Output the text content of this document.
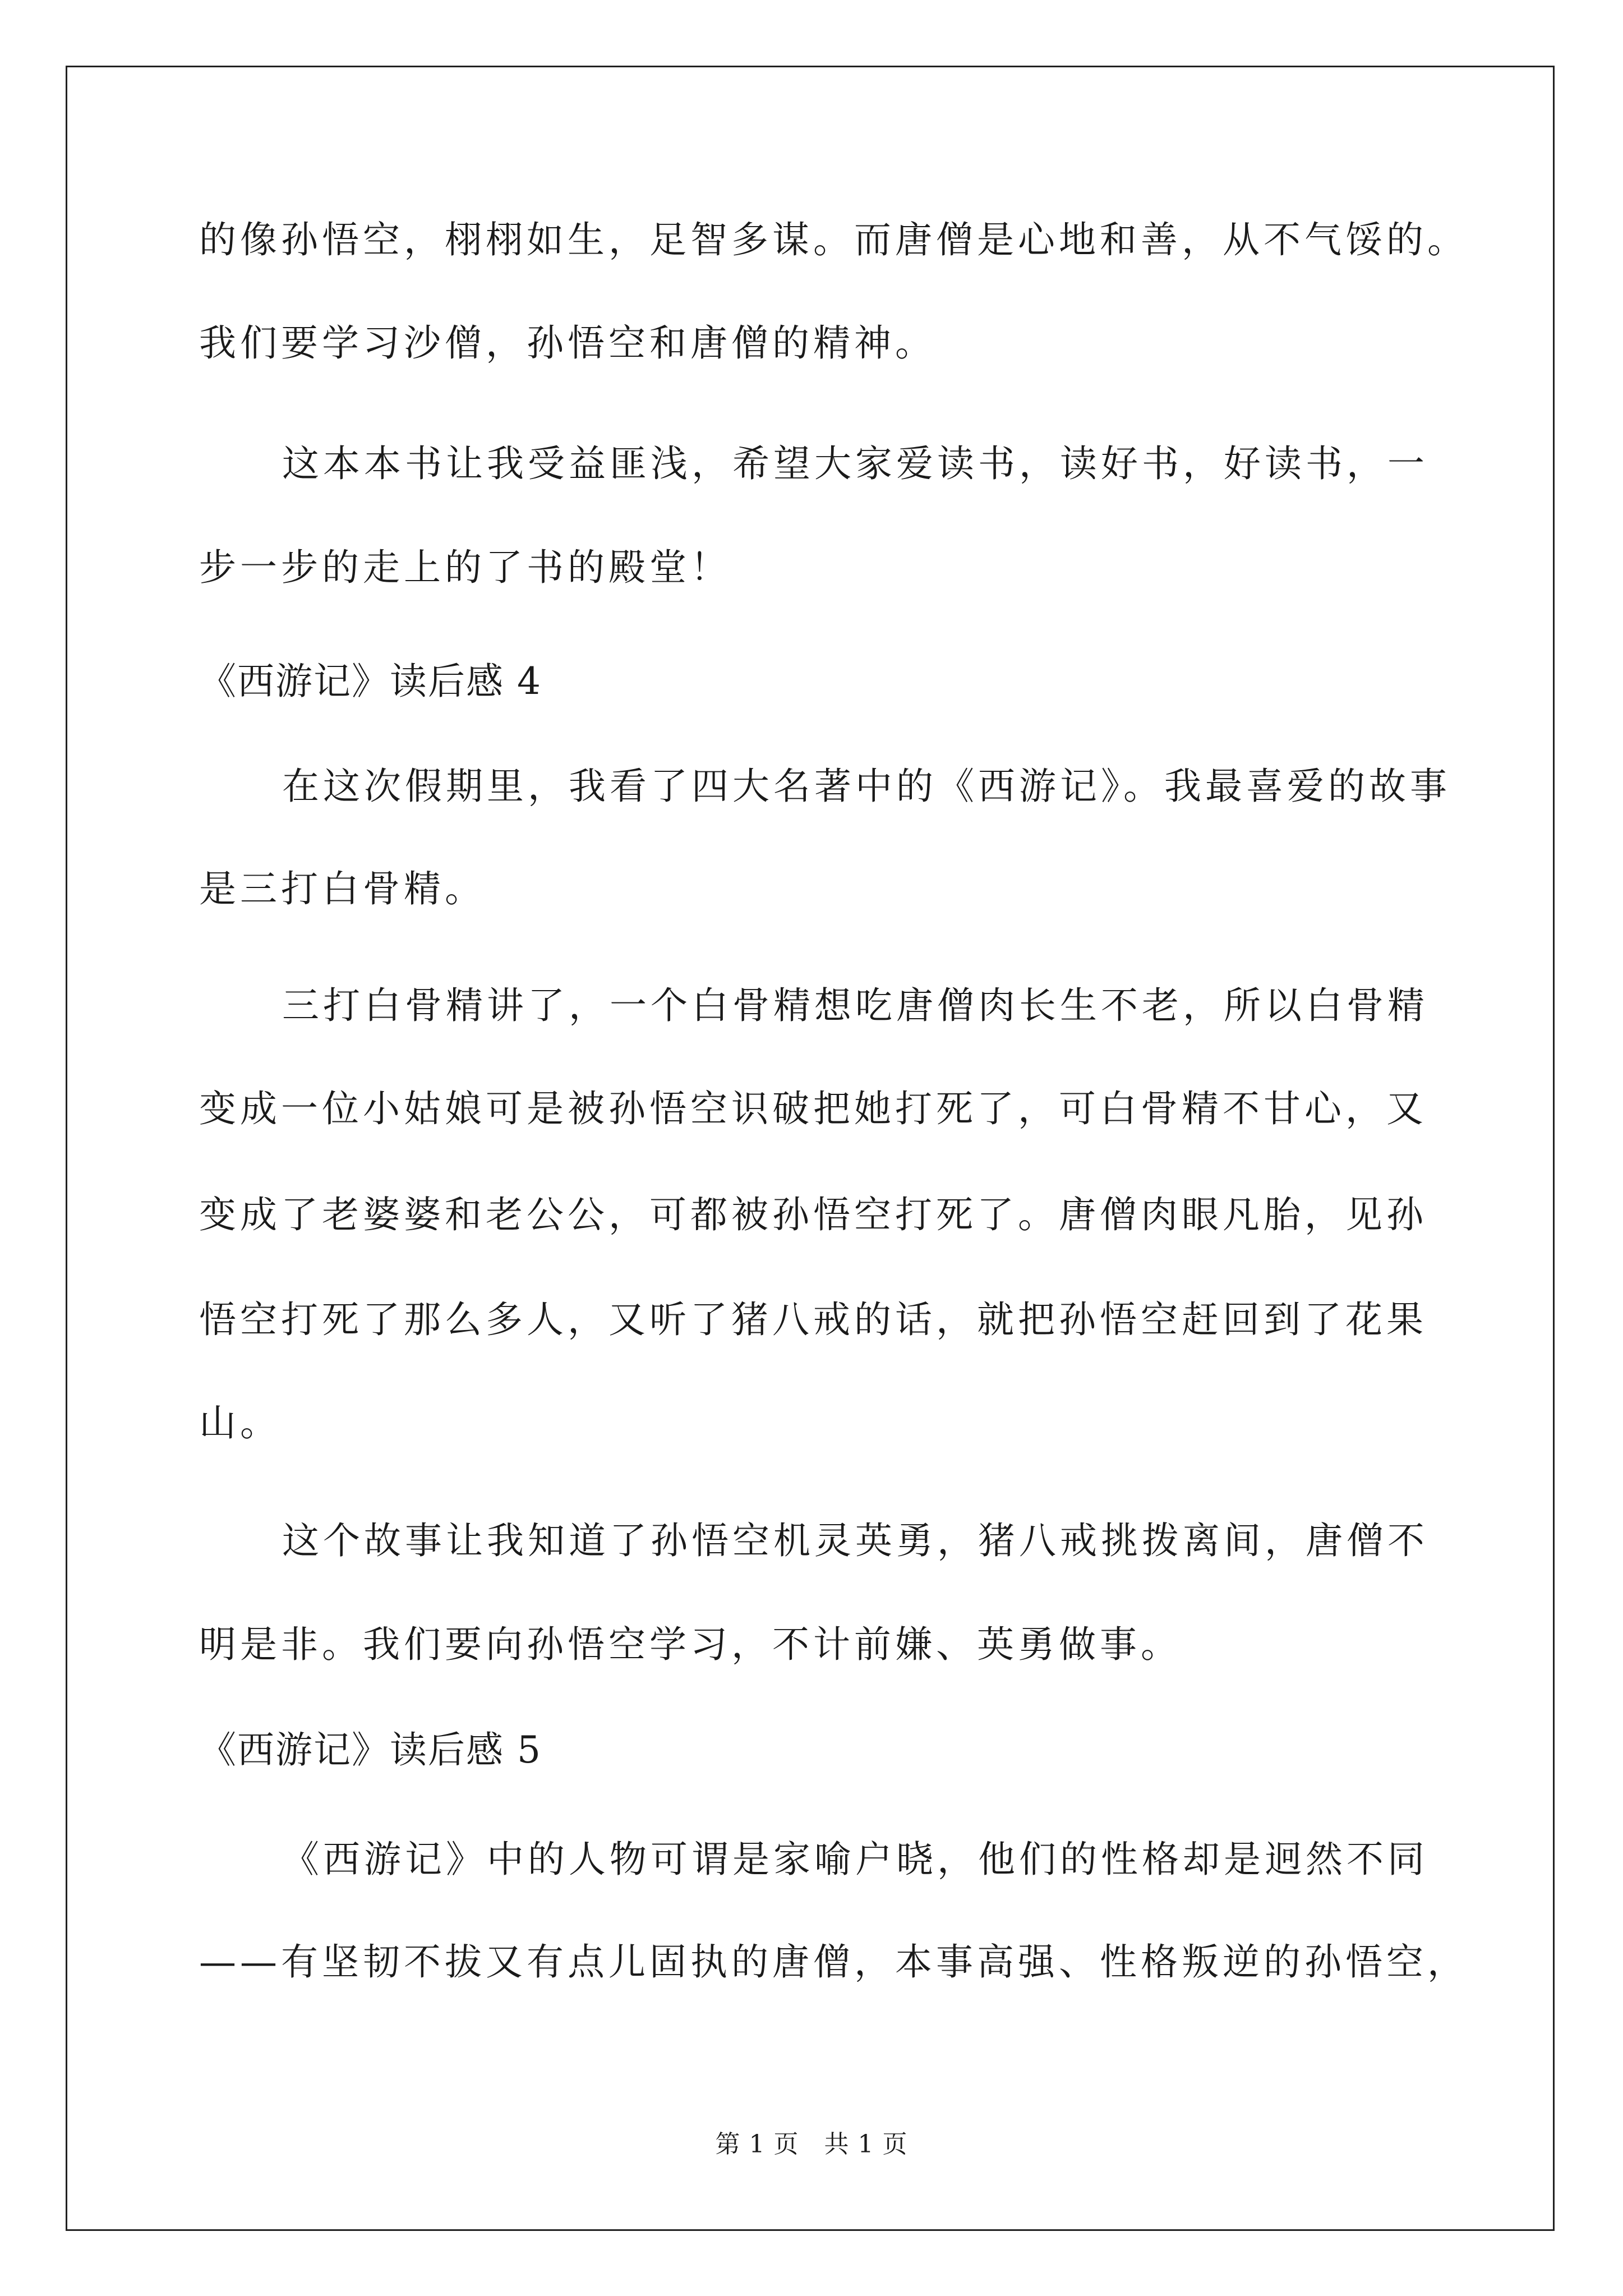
的像孙悟空，栩栩如生，足智多谋。而唐僧是心地和善，从不气馁的。
我们要学习沙僧，孙悟空和唐僧的精神。
这本本书让我受益匪浅，希望大家爱读书，读好书，好读书，一
步一步的走上的了书的殿堂！
《西游记》读后感 4
在这次假期里，我看了四大名著中的《西游记》。我最喜爱的故事
是三打白骨精。
三打白骨精讲了，一个白骨精想吃唐僧肉长生不老，所以白骨精
变成一位小姑娘可是被孙悟空识破把她打死了，可白骨精不甘心，又
变成了老婆婆和老公公，可都被孙悟空打死了。唐僧肉眼凡胎，见孙
悟空打死了那么多人，又听了猪八戒的话，就把孙悟空赶回到了花果
山。
这个故事让我知道了孙悟空机灵英勇，猪八戒挑拨离间，唐僧不
明是非。我们要向孙悟空学习，不计前嫌、英勇做事。
《西游记》读后感 5
《西游记》中的人物可谓是家喻户晓，他们的性格却是迥然不同
——有坚韧不拔又有点儿固执的唐僧，本事高强、性格叛逆的孙悟空，
第 1 页　共 1 页
